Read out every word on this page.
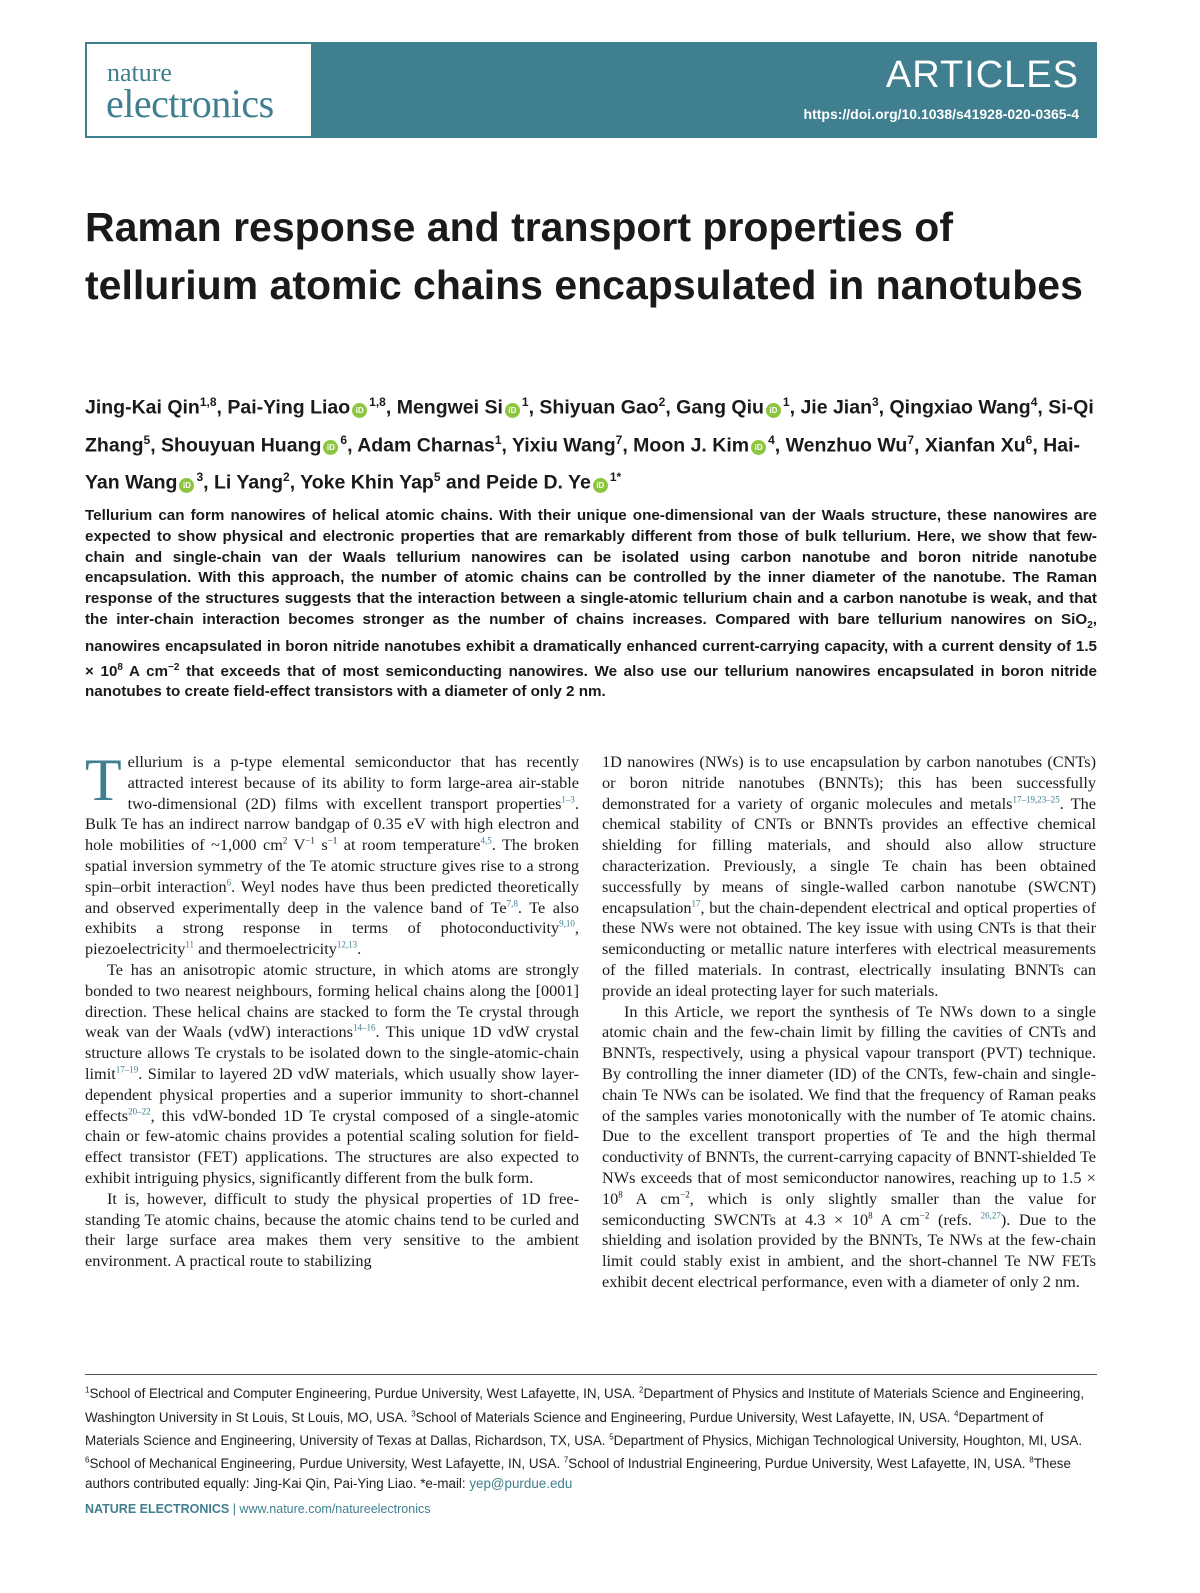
nature
electronics
ARTICLES
https://doi.org/10.1038/s41928-020-0365-4
Raman response and transport properties of tellurium atomic chains encapsulated in nanotubes

Jing-Kai Qin$^{1,8}$, Pai-Ying Liao iD$^{1,8}$, Mengwei Si $iD^1$, Shiyuan Gao$^2$, Gang Qiu $iD^1$, Jie Jian$^3$, Qingxiao Wang$^4$, Si-Qi Zhang$^5$, Shouyuan Huang $iD^6$, Adam Charnas$^1$, Yixiu Wang$^7$, Moon J. Kim $iD^4$, Wenzhuo Wu$^7$, Xianfan Xu$^6$, Hai-Yan Wang $iD^3$, Li Yang$^2$, Yoke Khin Yap$^5$ and Peide D. Ye $iD^{1*}$

Tellurium can form nanowires of helical atomic chains. With their unique one-dimensional van der Waals structure, these nanowires are expected to show physical and electronic properties that are remarkably different from those of bulk tellurium. Here, we show that few-chain and single-chain van der Waals tellurium nanowires can be isolated using carbon nanotube and boron nitride nanotube encapsulation. With this approach, the number of atomic chains can be controlled by the inner diameter of the nanotube. The Raman response of the structures suggests that the interaction between a single-atomic tellurium chain and a carbon nanotube is weak, and that the inter-chain interaction becomes stronger as the number of chains increases. Compared with bare tellurium nanowires on SiO$_2$, nanowires encapsulated in boron nitride nanotubes exhibit a dramatically enhanced current-carrying capacity, with a current density of $1.5 \times 10^8$ A $cm^{-2}$ that exceeds that of most semiconducting nanowires. We also use our tellurium nanowires encapsulated in boron nitride nanotubes to create field-effect transistors with a diameter of only 2 nm.

Tellurium is a p-type elemental semiconductor that has recently attracted interest because of its ability to form large-area air-stable two-dimensional (2D) films with excellent transport properties$^{1-3}$. Bulk Te has an indirect narrow bandgap of 0.35 eV with high electron and hole mobilities of ~1,000 $cm^2$ $V^{-1}$ $s^{-1}$ at room temperature$^{4,5}$. The broken spatial inversion symmetry of the Te atomic structure gives rise to a strong spin–orbit interaction$^6$. Weyl nodes have thus been predicted theoretically and observed experimentally deep in the valence band of Te$^{7,8}$. Te also exhibits a strong response in terms of photoconductivity$^{9,10}$, piezoelectricity$^{11}$ and thermoelectricity$^{12,13}$.

Te has an anisotropic atomic structure, in which atoms are strongly bonded to two nearest neighbours, forming helical chains along the [0001] direction. These helical chains are stacked to form the Te crystal through weak van der Waals (vdW) interactions$^{14-16}$. This unique 1D vdW crystal structure allows Te crystals to be isolated down to the single-atomic-chain limit$^{17-19}$. Similar to layered 2D vdW materials, which usually show layer-dependent physical properties and a superior immunity to short-channel effects$^{20-22}$, this vdW-bonded 1D Te crystal composed of a single-atomic chain or few-atomic chains provides a potential scaling solution for field-effect transistor (FET) applications. The structures are also expected to exhibit intriguing physics, significantly different from the bulk form.

It is, however, difficult to study the physical properties of 1D free-standing Te atomic chains, because the atomic chains tend to be curled and their large surface area makes them very sensitive to the ambient environment. A practical route to stabilizing

1D nanowires (NWs) is to use encapsulation by carbon nanotubes (CNTs) or boron nitride nanotubes (BNNTs); this has been successfully demonstrated for a variety of organic molecules and metals$^{17-19,23-25}$. The chemical stability of CNTs or BNNTs provides an effective chemical shielding for filling materials, and should also allow structure characterization. Previously, a single Te chain has been obtained successfully by means of single-walled carbon nanotube (SWCNT) encapsulation$^{17}$, but the chain-dependent electrical and optical properties of these NWs were not obtained. The key issue with using CNTs is that their semiconducting or metallic nature interferes with electrical measurements of the filled materials. In contrast, electrically insulating BNNTs can provide an ideal protecting layer for such materials.

In this Article, we report the synthesis of Te NWs down to a single atomic chain and the few-chain limit by filling the cavities of CNTs and BNNTs, respectively, using a physical vapour transport (PVT) technique. By controlling the inner diameter (ID) of the CNTs, few-chain and single-chain Te NWs can be isolated. We find that the frequency of Raman peaks of the samples varies monotonically with the number of Te atomic chains. Due to the excellent transport properties of Te and the high thermal conductivity of BNNTs, the current-carrying capacity of BNNT-shielded Te NWs exceeds that of most semiconductor nanowires, reaching up to $1.5 \times 10^8$ A $cm^{-2}$, which is only slightly smaller than the value for semiconducting SWCNTs at $4.3 \times 10^8$ A $cm^{-2}$ (refs. $^{26,27}$). Due to the shielding and isolation provided by the BNNTs, Te NWs at the few-chain limit could stably exist in ambient, and the short-channel Te NW FETs exhibit decent electrical performance, even with a diameter of only 2 nm.

$^1$School of Electrical and Computer Engineering, Purdue University, West Lafayette, IN, USA. $^2$Department of Physics and Institute of Materials Science and Engineering, Washington University in St Louis, St Louis, MO, USA. $^3$School of Materials Science and Engineering, Purdue University, West Lafayette, IN, USA. $^4$Department of Materials Science and Engineering, University of Texas at Dallas, Richardson, TX, USA. $^5$Department of Physics, Michigan Technological University, Houghton, MI, USA. $^6$School of Mechanical Engineering, Purdue University, West Lafayette, IN, USA. $^7$School of Industrial Engineering, Purdue University, West Lafayette, IN, USA. $^8$These authors contributed equally: Jing-Kai Qin, Pai-Ying Liao. *e-mail: yep@purdue.edu

NATURE ELECTRONICS | www.nature.com/natureelectronics
